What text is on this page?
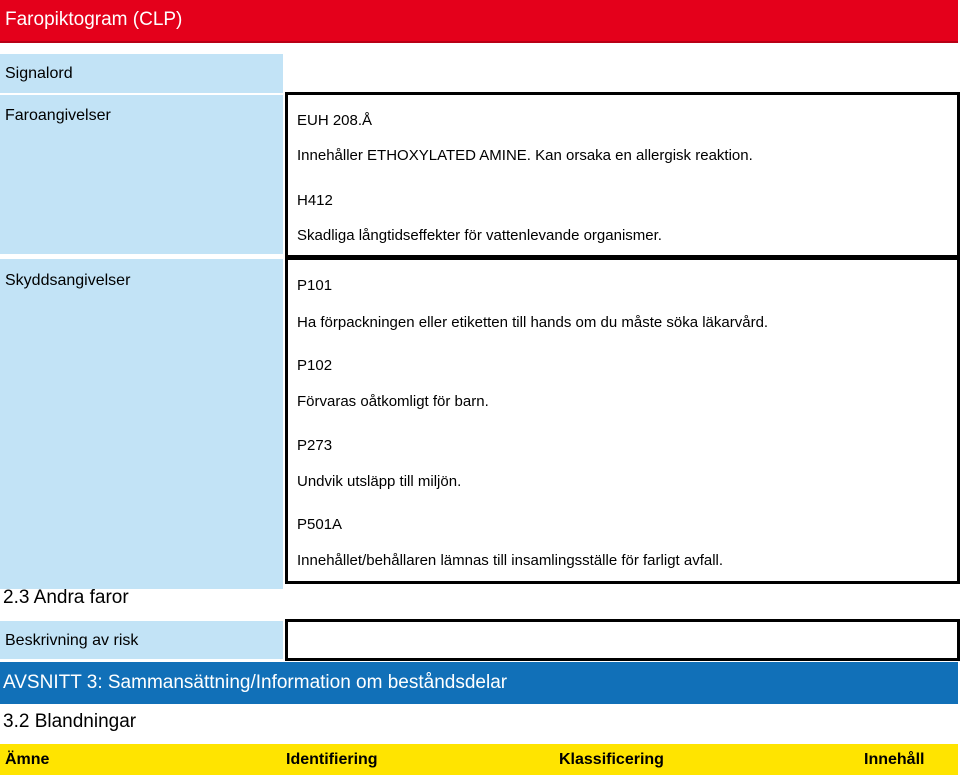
Faropiktogram (CLP)
Signalord
Faroangivelser	EUH 208.Å
Innehåller ETHOXYLATED AMINE. Kan orsaka en allergisk reaktion.
H412
Skadliga långtidseffekter för vattenlevande organismer.
Skyddsangivelser	P101
Ha förpackningen eller etiketten till hands om du måste söka läkarvård.
P102
Förvaras oåtkomligt för barn.
P273
Undvik utsläpp till miljön.
P501A
Innehållet/behållaren lämnas till insamlingsställe för farligt avfall.
2.3 Andra faror
Beskrivning av risk
AVSNITT 3: Sammansättning/Information om beståndsdelar
3.2 Blandningar
Ämne	Identifiering	Klassificering	Innehåll
